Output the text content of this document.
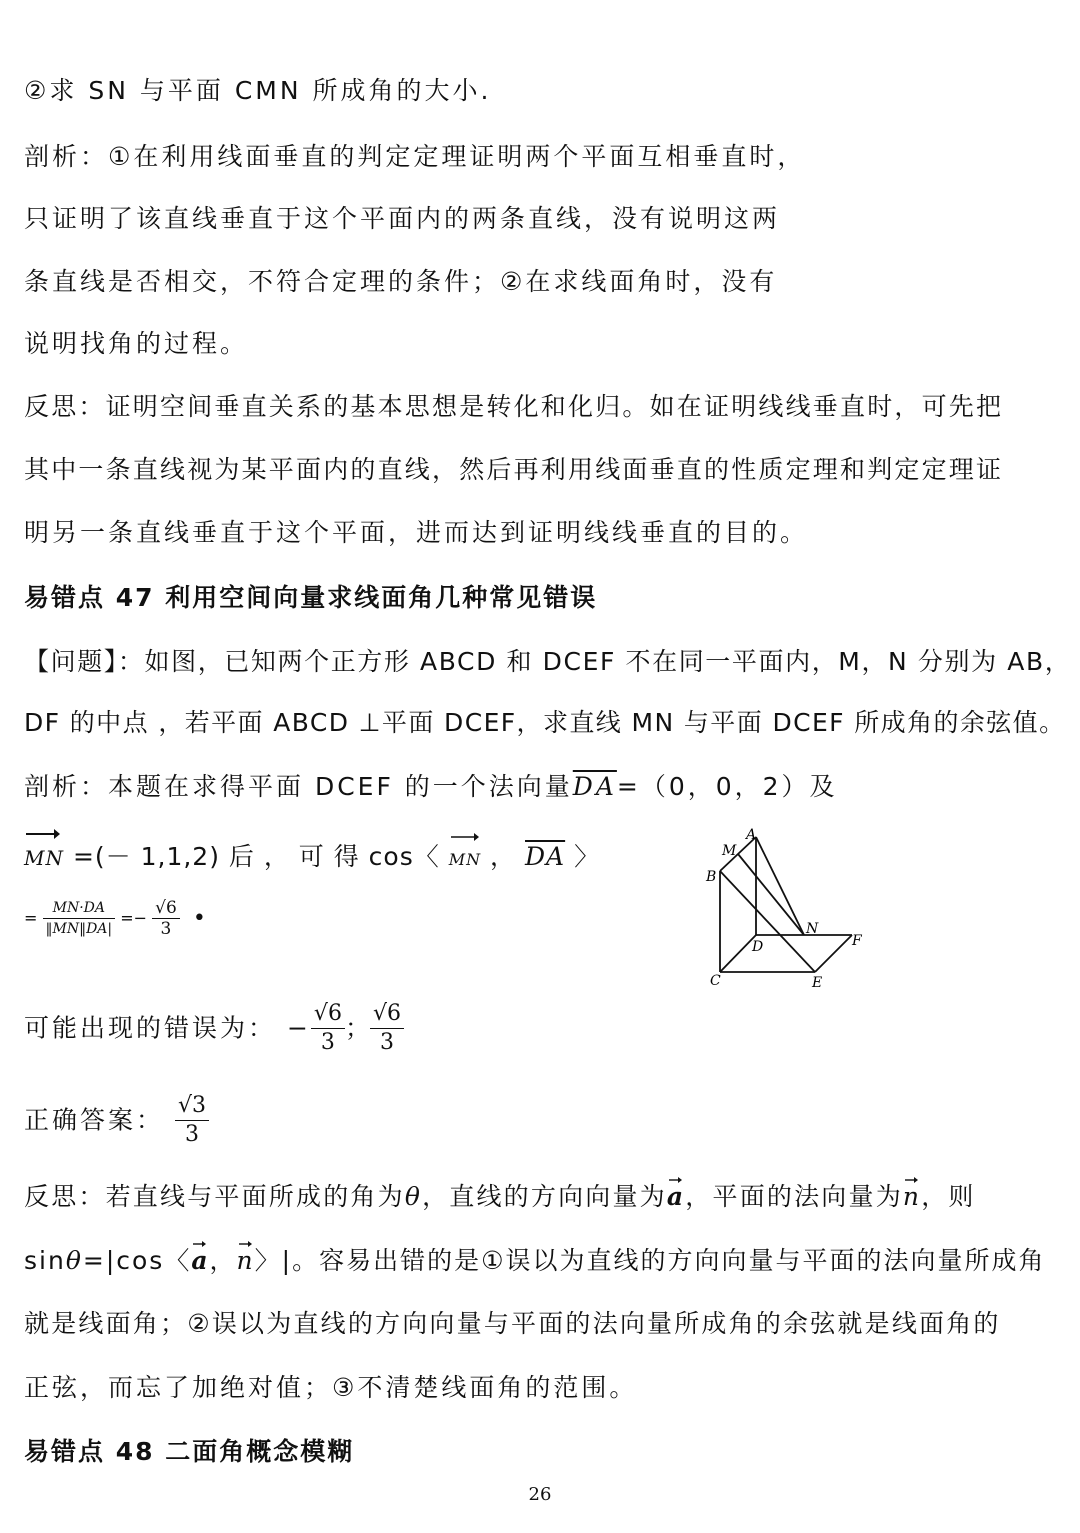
②求 SN 与平面 CMN 所成角的大小.
剖析：①在利用线面垂直的判定定理证明两个平面互相垂直时，
只证明了该直线垂直于这个平面内的两条直线，没有说明这两
条直线是否相交，不符合定理的条件；②在求线面角时，没有
说明找角的过程。
反思：证明空间垂直关系的基本思想是转化和化归。如在证明线线垂直时，可先把
其中一条直线视为某平面内的直线，然后再利用线面垂直的性质定理和判定定理证
明另一条直线垂直于这个平面，进而达到证明线线垂直的目的。
易错点 47 利用空间向量求线面角几种常见错误
【问题】：如图，已知两个正方形 ABCD 和 DCEF 不在同一平面内，M，N 分别为 AB，
DF 的中点 ，若平面 ABCD ⊥平面 DCEF，求直线 MN 与平面 DCEF 所成角的余弦值。
剖析：本题在求得平面 DCEF 的一个法向量$\overline{DA}=(0$，0，2）及
MN =(－ 1,1,2) 后 ， 可 得 cos〈 MN ， $\overline{DA}$ 〉
= $\frac{MN\cdot DA}{‖MN‖DA|} =- \frac{√6}{3}$ •
A
M
B
N
F
D
C	E
可能出现的错误为： − $\frac{√6}{3}$ ； $\frac{√6}{3}$
正确答案： $\frac{√3}{3}$
反思：若直线与平面所成的角为θ，直线的方向向量为
a，平面的法向量为
n，则
sinθ=|cos〈
a，
n〉|。容易出错的是①误以为直线的方向向量与平面的法向量所成角
就是线面角；②误以为直线的方向向量与平面的法向量所成角的余弦就是线面角的
正弦，而忘了加绝对值；③不清楚线面角的范围。
易错点 48 二面角概念模糊
26
